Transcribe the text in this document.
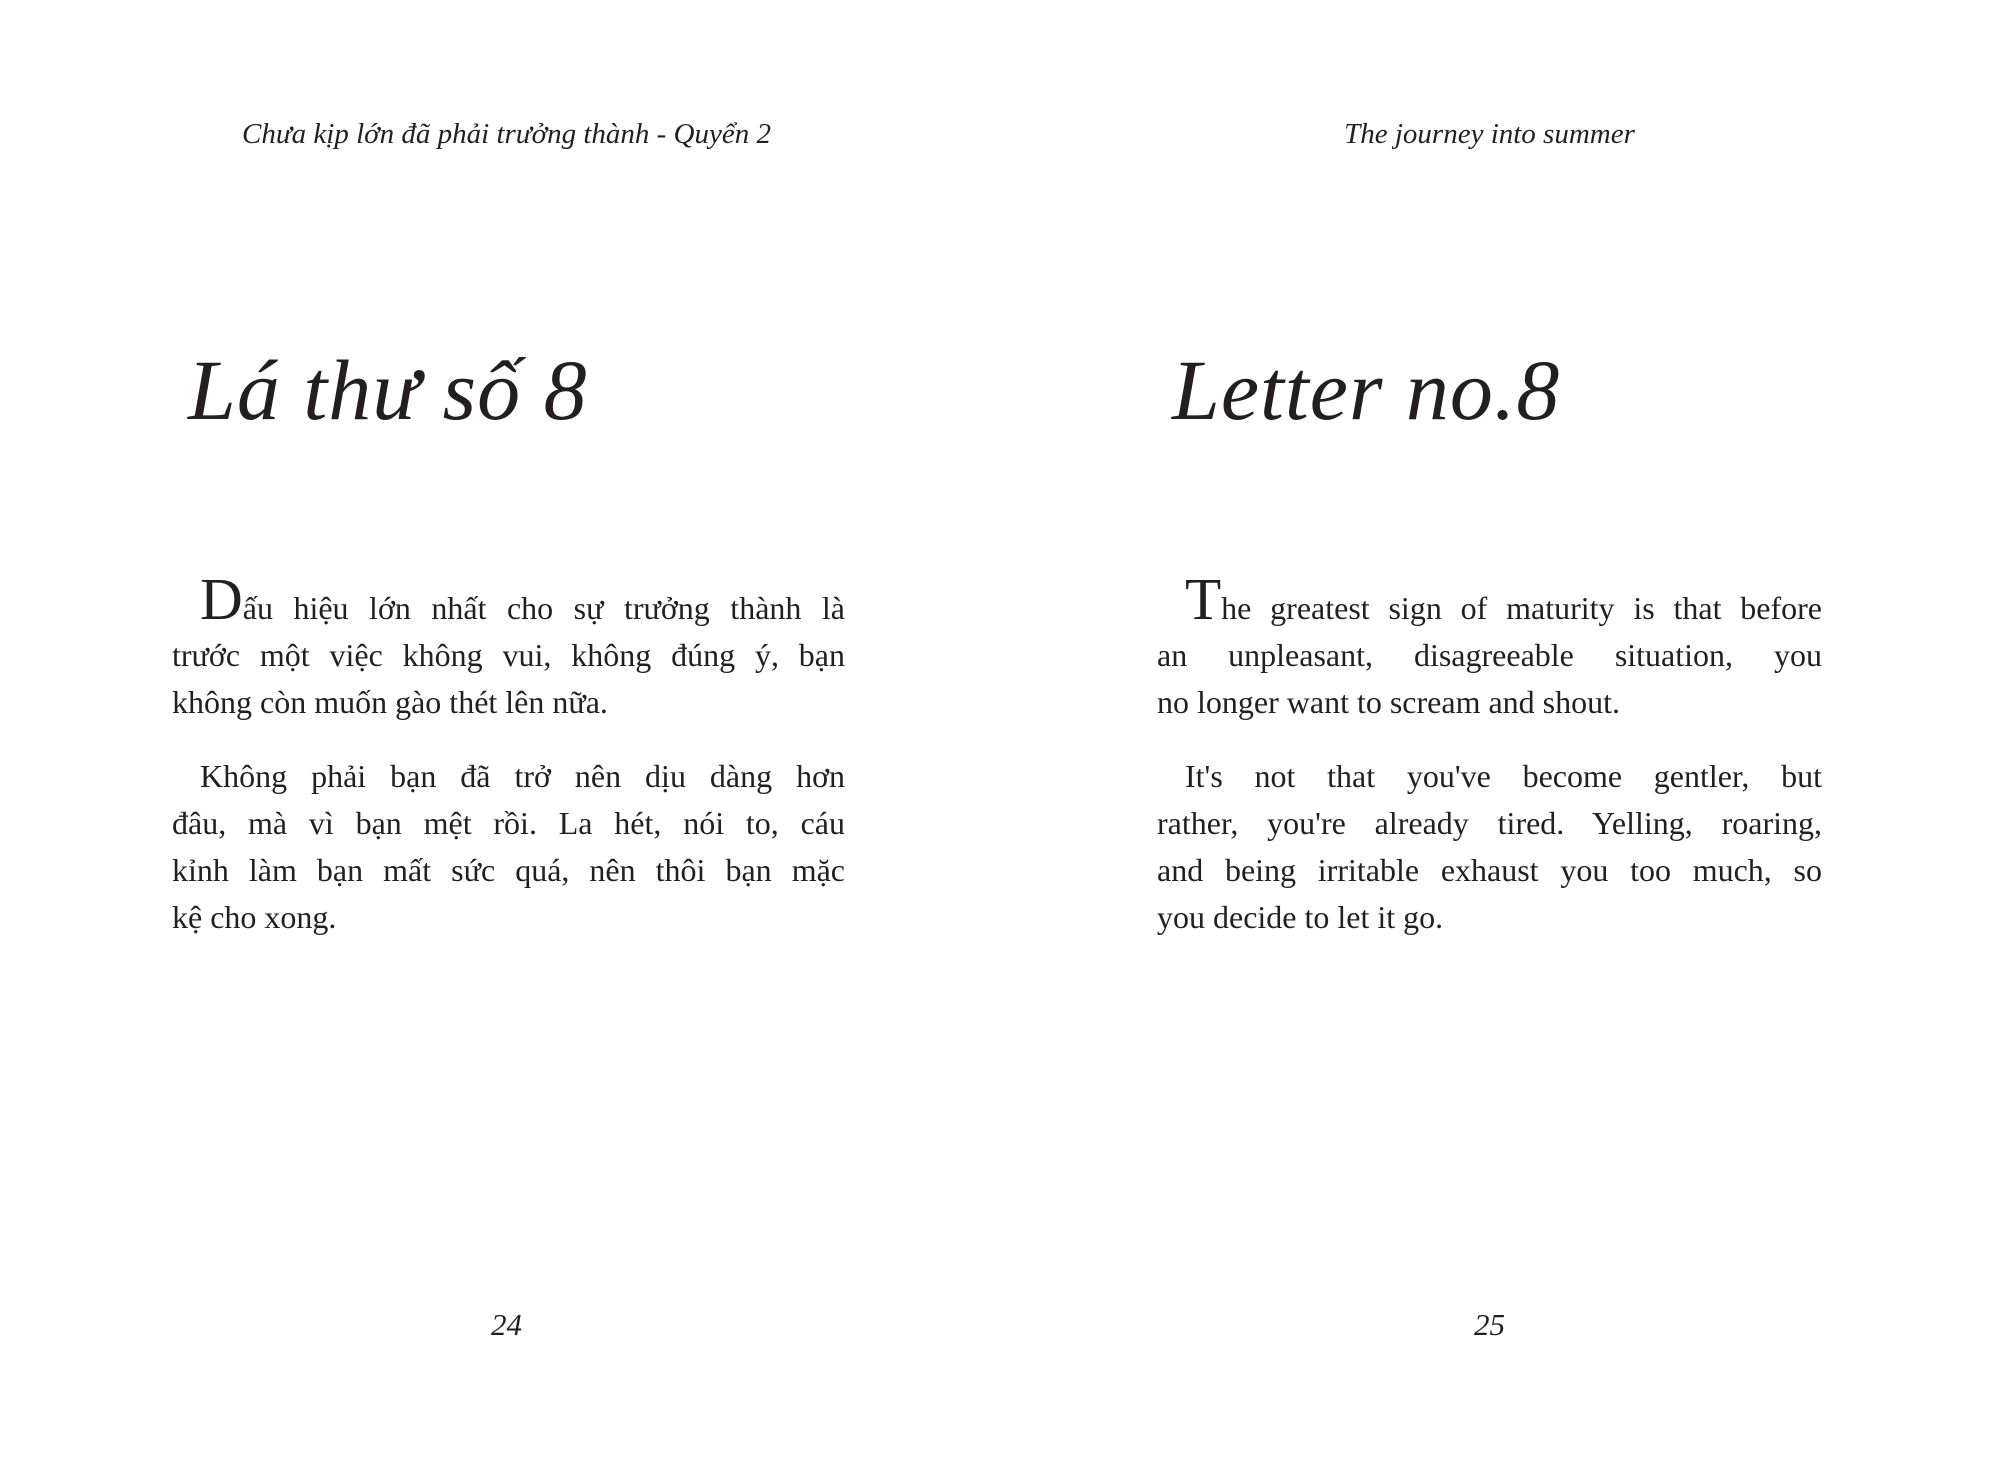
Chưa kịp lớn đã phải trưởng thành - Quyển 2
Lá thư số 8
Dấu hiệu lớn nhất cho sự trưởng thành là
trước một việc không vui, không đúng ý, bạn
không còn muốn gào thét lên nữa.
Không phải bạn đã trở nên dịu dàng hơn
đâu, mà vì bạn mệt rồi. La hét, nói to, cáu
kỉnh làm bạn mất sức quá, nên thôi bạn mặc
kệ cho xong.
24
The journey into summer
Letter no.8
The greatest sign of maturity is that before
an unpleasant, disagreeable situation, you
no longer want to scream and shout.
It's not that you've become gentler, but
rather, you're already tired. Yelling, roaring,
and being irritable exhaust you too much, so
you decide to let it go.
25
